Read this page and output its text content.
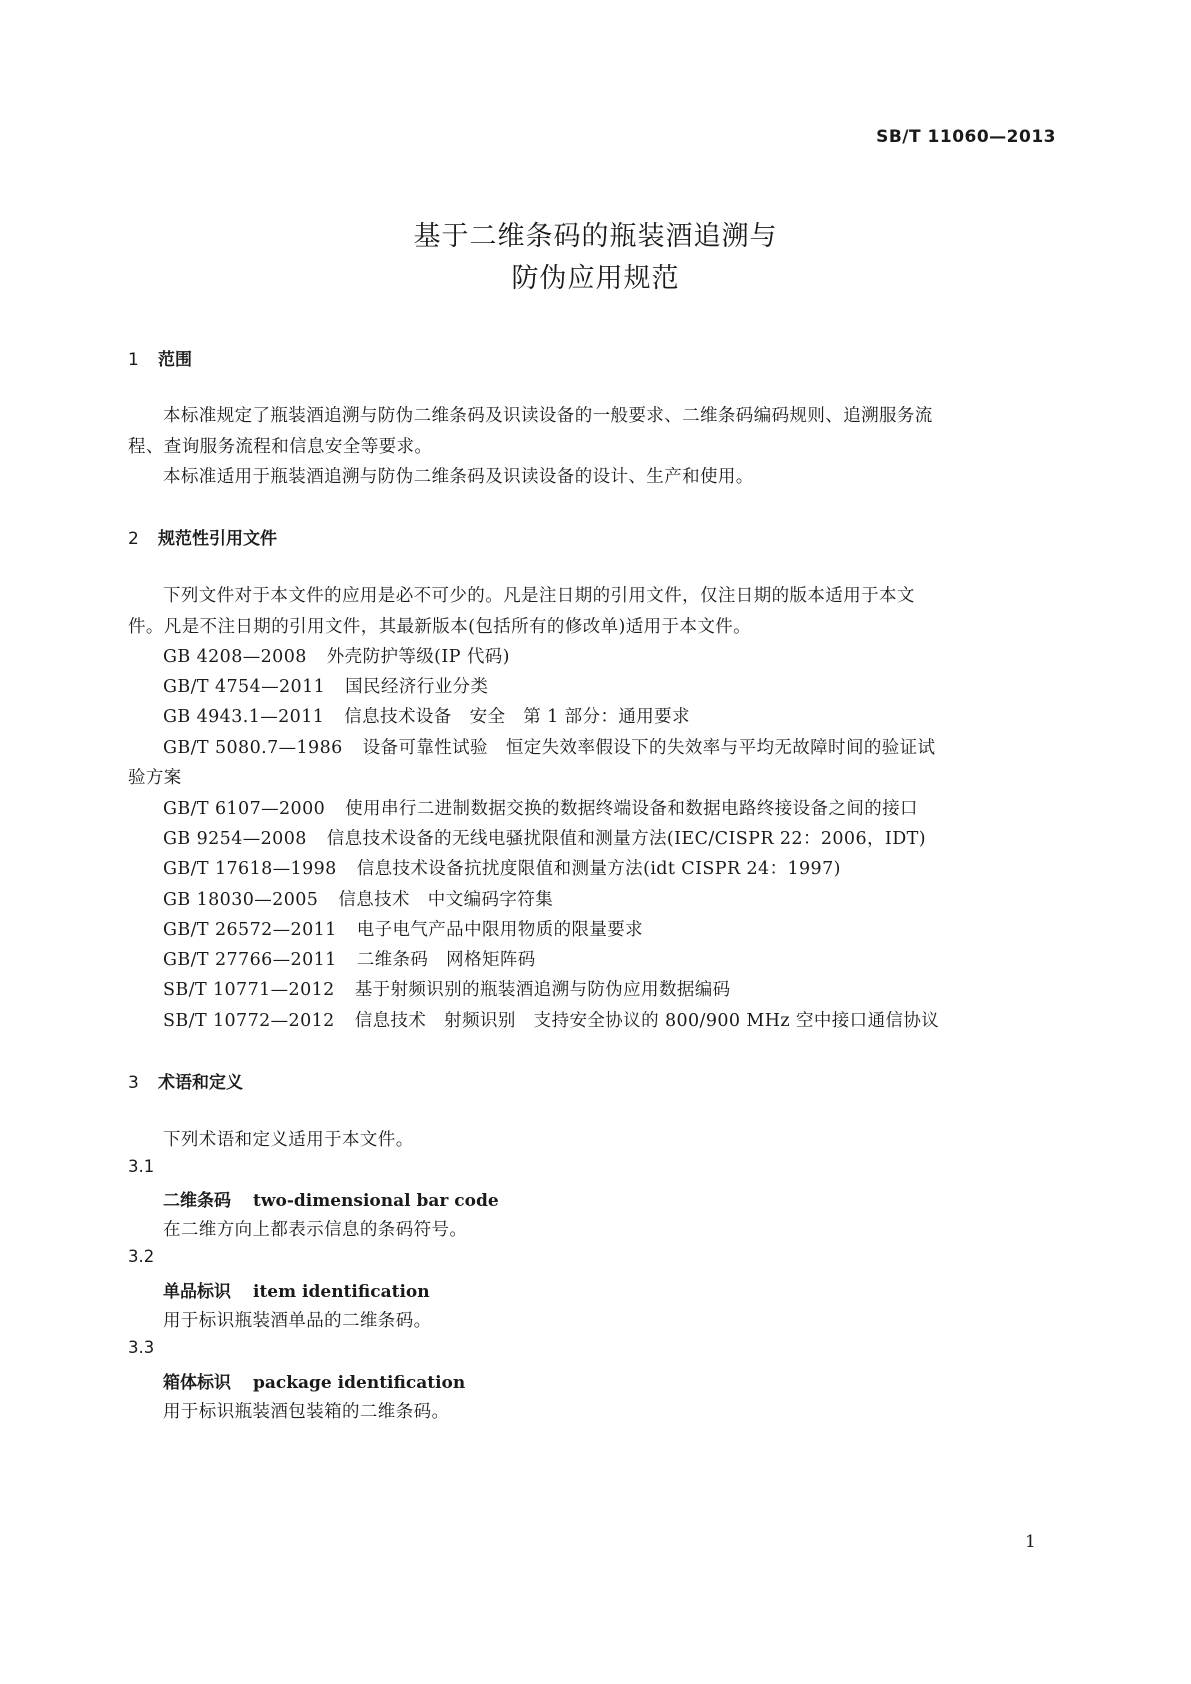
SB/T 11060—2013
基于二维条码的瓶装酒追溯与
防伪应用规范
1 范围
本标准规定了瓶装酒追溯与防伪二维条码及识读设备的一般要求、二维条码编码规则、追溯服务流
程、查询服务流程和信息安全等要求。
本标准适用于瓶装酒追溯与防伪二维条码及识读设备的设计、生产和使用。
2 规范性引用文件
下列文件对于本文件的应用是必不可少的。凡是注日期的引用文件，仅注日期的版本适用于本文
件。凡是不注日期的引用文件，其最新版本(包括所有的修改单)适用于本文件。
GB 4208—2008 外壳防护等级(IP 代码)
GB/T 4754—2011 国民经济行业分类
GB 4943.1—2011 信息技术设备　安全　第 1 部分：通用要求
GB/T 5080.7—1986 设备可靠性试验　恒定失效率假设下的失效率与平均无故障时间的验证试
验方案
GB/T 6107—2000 使用串行二进制数据交换的数据终端设备和数据电路终接设备之间的接口
GB 9254—2008 信息技术设备的无线电骚扰限值和测量方法(IEC/CISPR 22：2006，IDT)
GB/T 17618—1998 信息技术设备抗扰度限值和测量方法(idt CISPR 24：1997)
GB 18030—2005 信息技术　中文编码字符集
GB/T 26572—2011 电子电气产品中限用物质的限量要求
GB/T 27766—2011 二维条码　网格矩阵码
SB/T 10771—2012 基于射频识别的瓶装酒追溯与防伪应用数据编码
SB/T 10772—2012 信息技术　射频识别　支持安全协议的 800/900 MHz 空中接口通信协议
3 术语和定义
下列术语和定义适用于本文件。
3.1
二维条码 two-dimensional bar code
在二维方向上都表示信息的条码符号。
3.2
单品标识 item identification
用于标识瓶装酒单品的二维条码。
3.3
箱体标识 package identification
用于标识瓶装酒包装箱的二维条码。
1
